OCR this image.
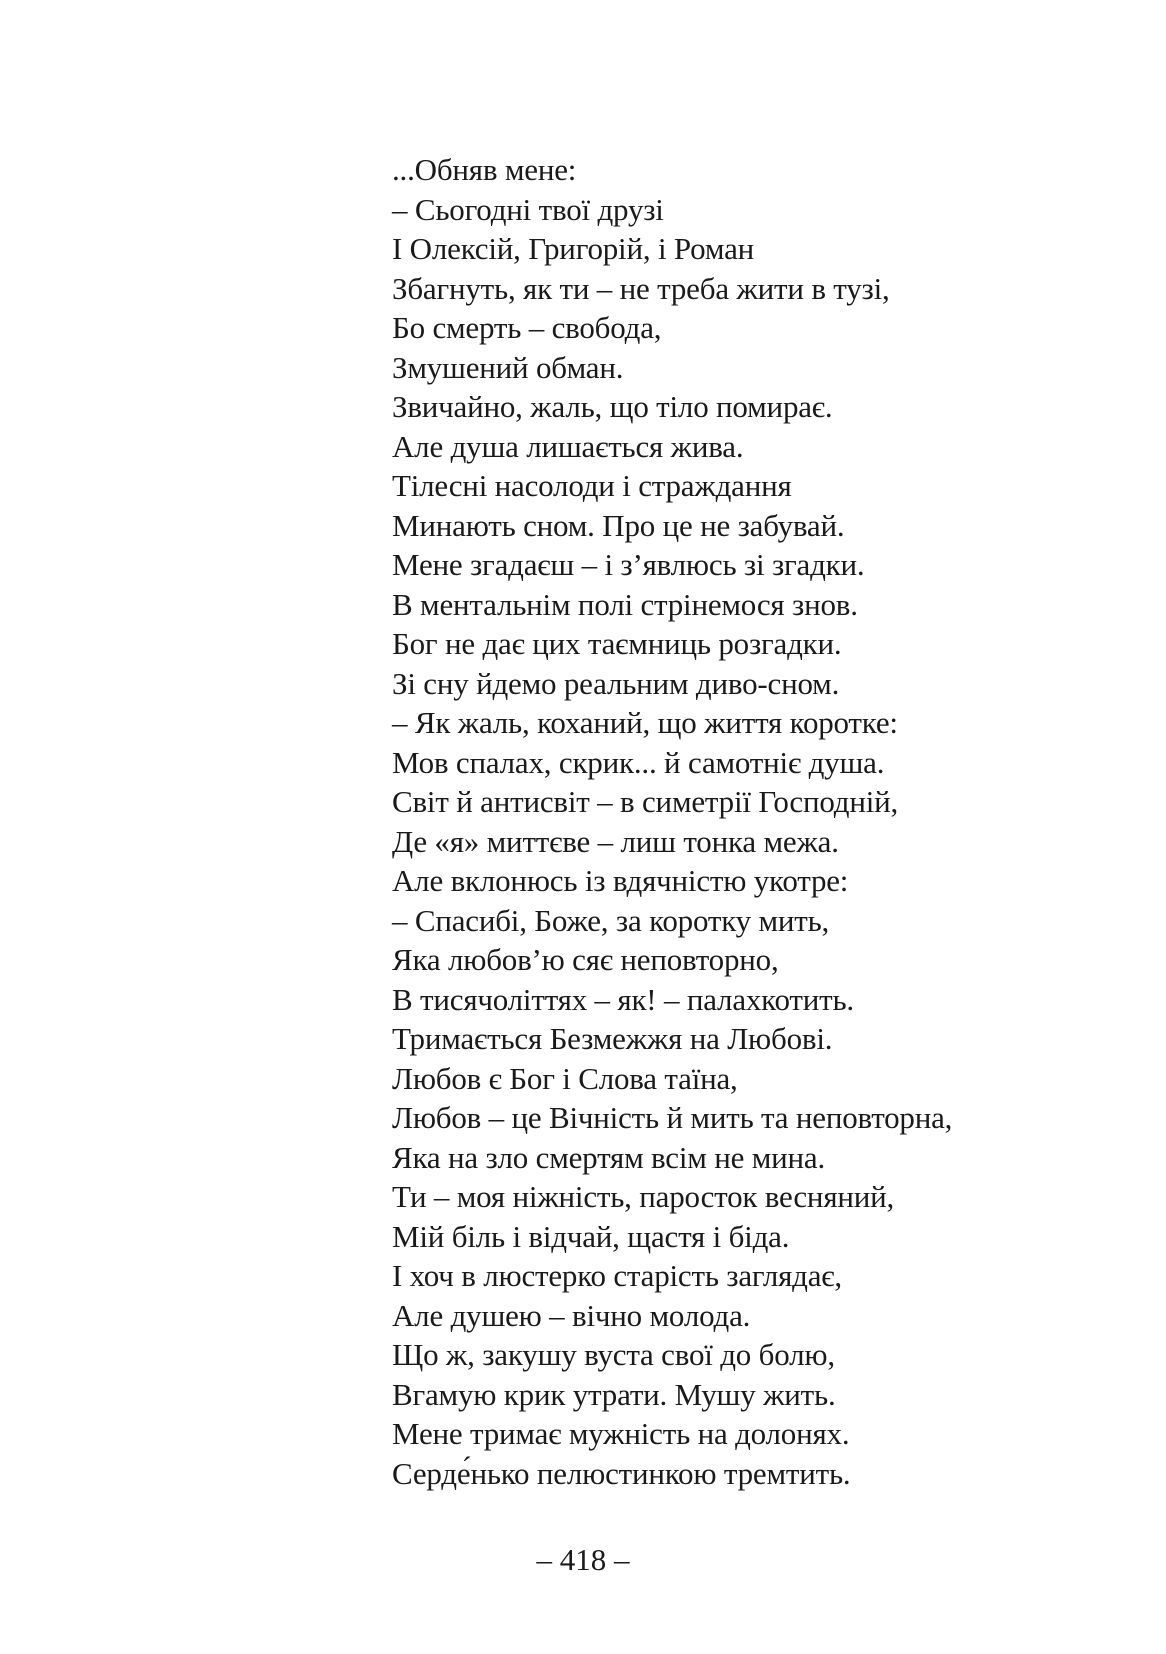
...Обняв мене:
– Сьогодні твої друзі
І Олексій, Григорій, і Роман
Збагнуть, як ти – не треба жити в тузі,
Бо смерть – свобода,
Змушений обман.
Звичайно, жаль, що тіло помирає.
Але душа лишається жива.
Тілесні насолоди і страждання
Минають сном. Про це не забувай.
Мене згадаєш – і з’явлюсь зі згадки.
В ментальнім полі стрінемося знов.
Бог не дає цих таємниць розгадки.
Зі сну йдемо реальним диво-сном.
– Як жаль, коханий, що життя коротке:
Мов спалах, скрик... й самотнiє душа.
Світ й антисвіт – в симетрії Господній,
Де «я» миттєве – лиш тонка межа.
Але вклонюсь із вдячністю укотре:
– Спасибі, Боже, за коротку мить,
Яка любов’ю сяє неповторно,
В тисячоліттях – як! – палахкотить.
Тримається Безмежжя на Любові.
Любов є Бог і Слова таїна,
Любов – це Вічність й мить та неповторна,
Яка на зло смертям всім не мина.
Ти – моя ніжність, паросток весняний,
Мій біль і відчай, щастя і біда.
І хоч в люстерко старість заглядає,
Але душею – вічно молода.
Що ж, закушу вуста свої до болю,
Вгамую крик утрати. Мушу жить.
Мене тримає мужність на долонях.
Серде́нько пелюстинкою тремтить.
– 418 –
